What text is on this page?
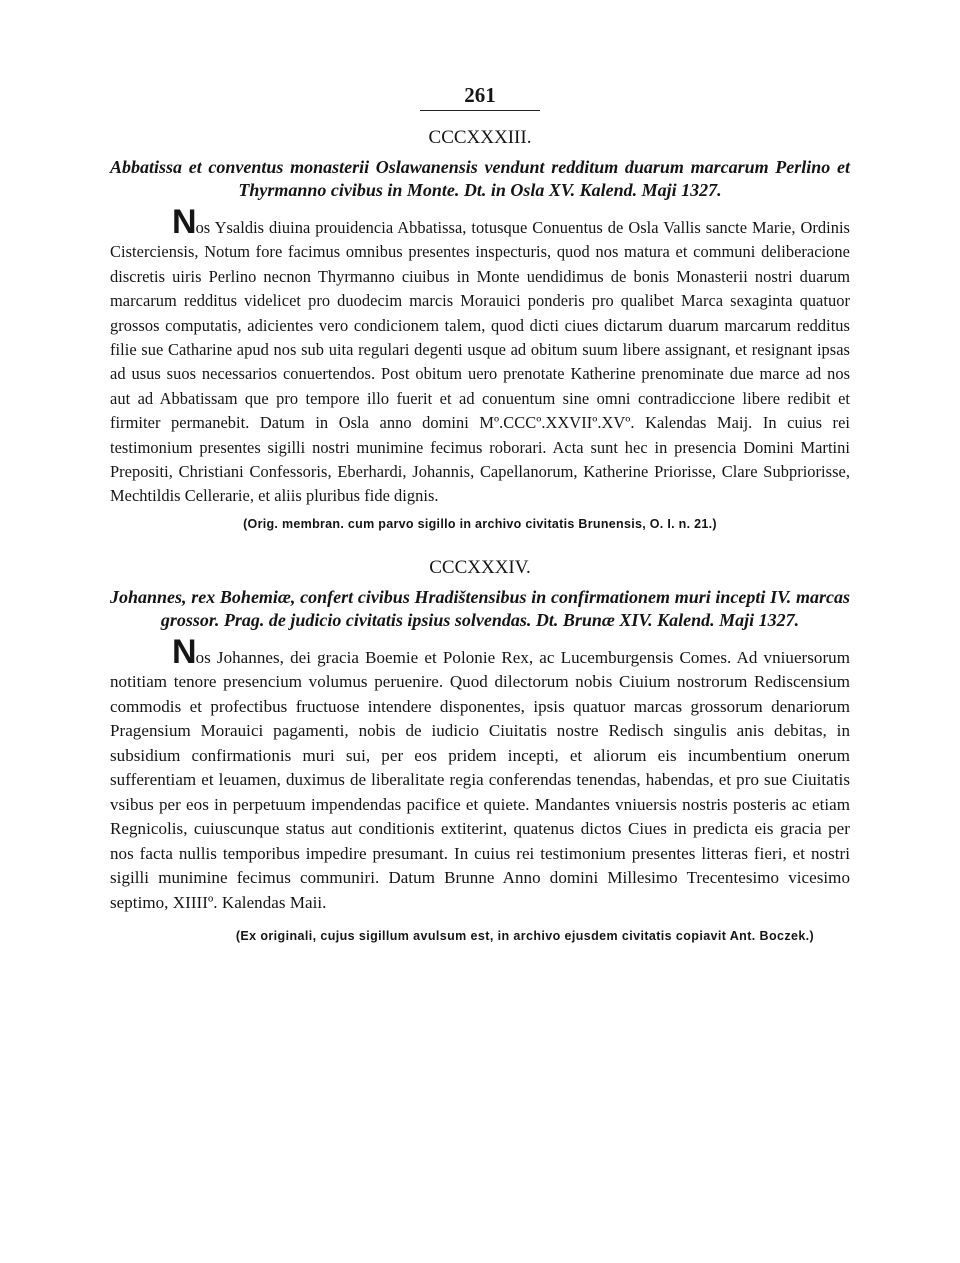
261
CCCXXXIII.
Abbatissa et conventus monasterii Oslawanensis vendunt redditum duarum marcarum Perlino et Thyrmanno civibus in Monte. Dt. in Osla XV. Kalend. Maji 1327.

Nos Ysaldis diuina prouidencia Abbatissa, totusque Conuentus de Osla Vallis sancte Marie, Ordinis Cisterciensis, Notum fore facimus omnibus presentes inspecturis, quod nos matura et communi deliberacione discretis uiris Perlino necnon Thyrmanno ciuibus in Monte uendidimus de bonis Monasterii nostri duarum marcarum redditus videlicet pro duodecim marcis Morauici ponderis pro qualibet Marca sexaginta quatuor grossos computatis, adicientes vero condicionem talem, quod dicti ciues dictarum duarum marcarum redditus filie sue Catharine apud nos sub uita regulari degenti usque ad obitum suum libere assignant, et resignant ipsas ad usus suos necessarios conuertendos. Post obitum uero prenotate Katherine prenominate due marce ad nos aut ad Abbatissam que pro tempore illo fuerit et ad conuentum sine omni contradiccione libere redibit et firmiter permanebit. Datum in Osla anno domini Mº.CCCº.XXVIIº.XVº. Kalendas Maij. In cuius rei testimonium presentes sigilli nostri munimine fecimus roborari. Acta sunt hec in presencia Domini Martini Prepositi, Christiani Confessoris, Eberhardi, Johannis, Capellanorum, Katherine Priorisse, Clare Subpriorisse, Mechtildis Cellerarie, et aliis pluribus fide dignis.

(Orig. membran. cum parvo sigillo in archivo civitatis Brunensis, O. I. n. 21.)
CCCXXXIV.
Johannes, rex Bohemiæ, confert civibus Hradištensibus in confirmationem muri incepti IV. marcas grossor. Prag. de judicio civitatis ipsius solvendas. Dt. Brunæ XIV. Kalend. Maji 1327.

Nos Johannes, dei gracia Boemie et Polonie Rex, ac Lucemburgensis Comes. Ad vniuersorum notitiam tenore presencium volumus peruenire. Quod dilectorum nobis Ciuium nostrorum Rediscensium commodis et profectibus fructuose intendere disponentes, ipsis quatuor marcas grossorum denariorum Pragensium Morauici pagamenti, nobis de iudicio Ciuitatis nostre Redisch singulis anis debitas, in subsidium confirmationis muri sui, per eos pridem incepti, et aliorum eis incumbentium onerum sufferentiam et leuamen, duximus de liberalitate regia conferendas tenendas, habendas, et pro sue Ciuitatis vsibus per eos in perpetuum impendendas pacifice et quiete. Mandantes vniuersis nostris posteris ac etiam Regnicolis, cuiuscunque status aut conditionis extiterint, quatenus dictos Ciues in predicta eis gracia per nos facta nullis temporibus impedire presumant. In cuius rei testimonium presentes litteras fieri, et nostri sigilli munimine fecimus communiri. Datum Brunne Anno domini Millesimo Trecentesimo vicesimo septimo, XIIIIº. Kalendas Maii.

(Ex originali, cujus sigillum avulsum est, in archivo ejusdem civitatis copiavit Ant. Boczek.)
